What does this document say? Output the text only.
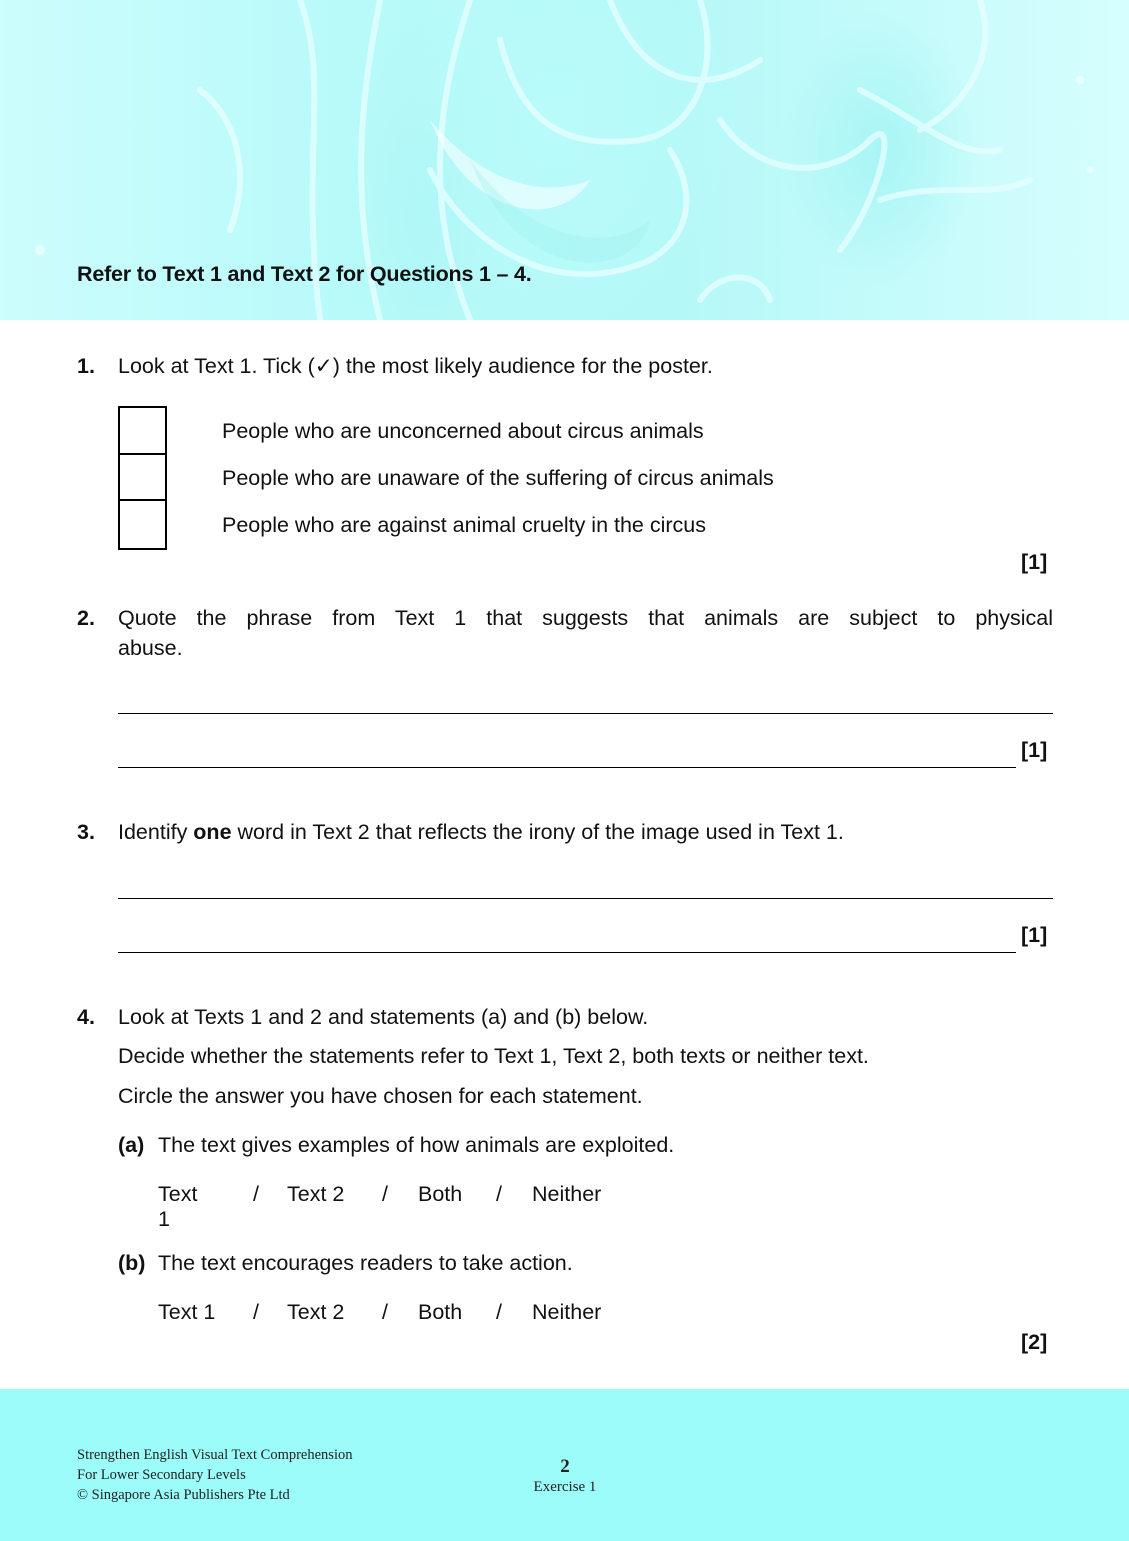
Refer to Text 1 and Text 2 for Questions 1 – 4.
1. Look at Text 1. Tick (✓) the most likely audience for the poster.
People who are unconcerned about circus animals
People who are unaware of the suffering of circus animals
People who are against animal cruelty in the circus
[1]
2. Quote the phrase from Text 1 that suggests that animals are subject to physical
abuse.
[1]
3. Identify one word in Text 2 that reflects the irony of the image used in Text 1.
[1]
4. Look at Texts 1 and 2 and statements (a) and (b) below.
Decide whether the statements refer to Text 1, Text 2, both texts or neither text.
Circle the answer you have chosen for each statement.
(a) The text gives examples of how animals are exploited.
Text 1
/ Text 2 / Both / Neither
(b) The text encourages readers to take action.
Text 1 / Text 2 / Both / Neither
[2]
Strengthen English Visual Text Comprehension
For Lower Secondary Levels
© Singapore Asia Publishers Pte Ltd
2
Exercise 1
